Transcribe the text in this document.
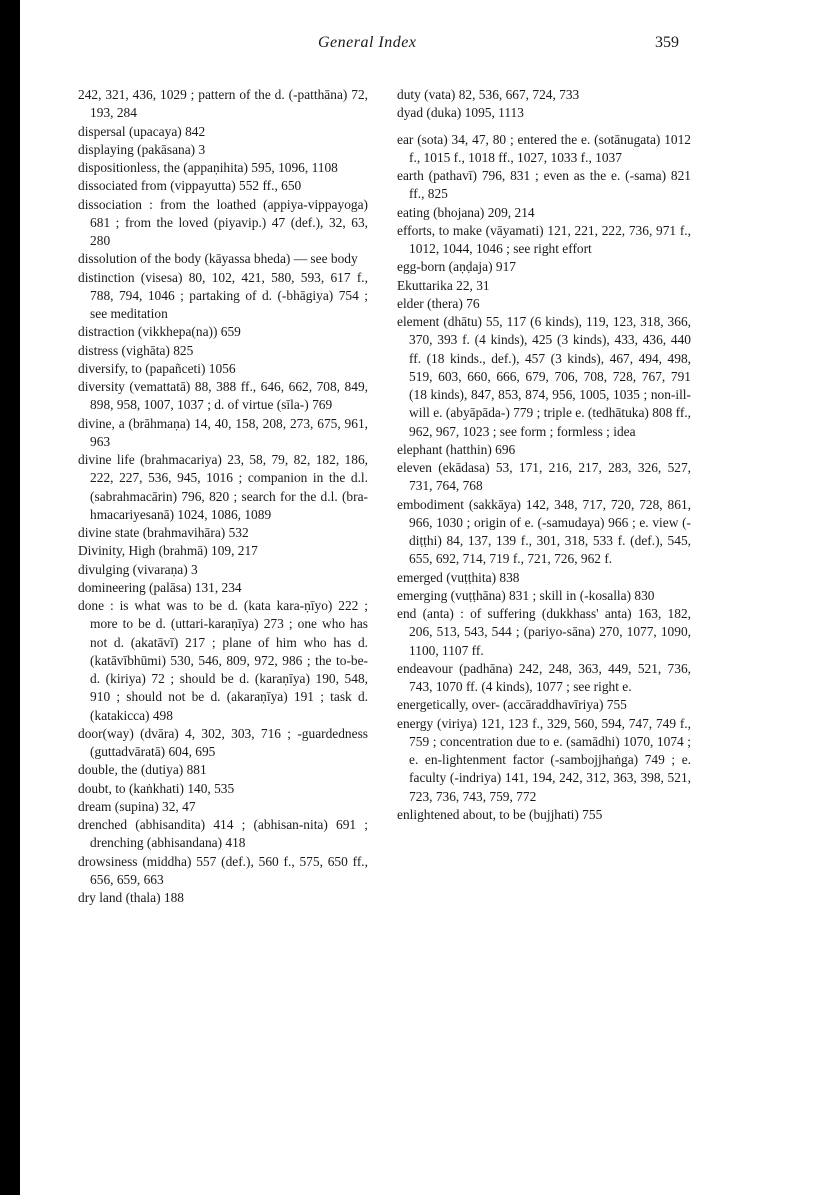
General Index	359
242, 321, 436, 1029 ; pattern of the d. (-patthāna) 72, 193, 284
dispersal (upacaya) 842
displaying (pakāsana) 3
dispositionless, the (appaṇihita) 595, 1096, 1108
dissociated from (vippayutta) 552 ff., 650
dissociation : from the loathed (appiya-vippayoga) 681 ; from the loved (piyavip.) 47 (def.), 32, 63, 280
dissolution of the body (kāyassa bheda) — see body
distinction (visesa) 80, 102, 421, 580, 593, 617 f., 788, 794, 1046 ; partaking of d. (-bhāgiya) 754 ; see meditation
distraction (vikkhepa(na)) 659
distress (vighāta) 825
diversify, to (papañceti) 1056
diversity (vemattatā) 88, 388 ff., 646, 662, 708, 849, 898, 958, 1007, 1037 ; d. of virtue (sīla-) 769
divine, a (brāhmaṇa) 14, 40, 158, 208, 273, 675, 961, 963
divine life (brahmacariya) 23, 58, 79, 82, 182, 186, 222, 227, 536, 945, 1016 ; companion in the d.l. (sabrahmacārin) 796, 820 ; search for the d.l. (bra-hmacariyesanā) 1024, 1086, 1089
divine state (brahmavihāra) 532
Divinity, High (brahmā) 109, 217
divulging (vivaraṇa) 3
domineering (palāsa) 131, 234
done : is what was to be d. (kata kara-ṇīyo) 222 ; more to be d. (uttari-karaṇīya) 273 ; one who has not d. (akatāvī) 217 ; plane of him who has d. (katāvībhūmi) 530, 546, 809, 972, 986 ; the to-be-d. (kiriya) 72 ; should be d. (karaṇīya) 190, 548, 910 ; should not be d. (akaraṇīya) 191 ; task d. (katakicca) 498
door(way) (dvāra) 4, 302, 303, 716 ; -guardedness (guttadvāratā) 604, 695
double, the (dutiya) 881
doubt, to (kaṅkhati) 140, 535
dream (supina) 32, 47
drenched (abhisandita) 414 ; (abhisan-nita) 691 ; drenching (abhisandana) 418
drowsiness (middha) 557 (def.), 560 f., 575, 650 ff., 656, 659, 663
dry land (thala) 188
duty (vata) 82, 536, 667, 724, 733
dyad (duka) 1095, 1113
ear (sota) 34, 47, 80 ; entered the e. (sotānugata) 1012 f., 1015 f., 1018 ff., 1027, 1033 f., 1037
earth (pathavī) 796, 831 ; even as the e. (-sama) 821 ff., 825
eating (bhojana) 209, 214
efforts, to make (vāyamati) 121, 221, 222, 736, 971 f., 1012, 1044, 1046 ; see right effort
egg-born (aṇḍaja) 917
Ekuttarika 22, 31
elder (thera) 76
element (dhātu) 55, 117 (6 kinds), 119, 123, 318, 366, 370, 393 f. (4 kinds), 425 (3 kinds), 433, 436, 440 ff. (18 kinds., def.), 457 (3 kinds), 467, 494, 498, 519, 603, 660, 666, 679, 706, 708, 728, 767, 791 (18 kinds), 847, 853, 874, 956, 1005, 1035 ; non-ill-will e. (abyāpāda-) 779 ; triple e. (tedhātuka) 808 ff., 962, 967, 1023 ; see form ; formless ; idea
elephant (hatthin) 696
eleven (ekādasa) 53, 171, 216, 217, 283, 326, 527, 731, 764, 768
embodiment (sakkāya) 142, 348, 717, 720, 728, 861, 966, 1030 ; origin of e. (-samudaya) 966 ; e. view (-diṭṭhi) 84, 137, 139 f., 301, 318, 533 f. (def.), 545, 655, 692, 714, 719 f., 721, 726, 962 f.
emerged (vuṭṭhita) 838
emerging (vuṭṭhāna) 831 ; skill in (-kosalla) 830
end (anta) : of suffering (dukkhass' anta) 163, 182, 206, 513, 543, 544 ; (pariyo-sāna) 270, 1077, 1090, 1100, 1107 ff.
endeavour (padhāna) 242, 248, 363, 449, 521, 736, 743, 1070 ff. (4 kinds), 1077 ; see right e.
energetically, over- (accāraddhavīriya) 755
energy (viriya) 121, 123 f., 329, 560, 594, 747, 749 f., 759 ; concentration due to e. (samādhi) 1070, 1074 ; e. en-lightenment factor (-sambojjhaṅga) 749 ; e. faculty (-indriya) 141, 194, 242, 312, 363, 398, 521, 723, 736, 743, 759, 772
enlightened about, to be (bujjhati) 755
